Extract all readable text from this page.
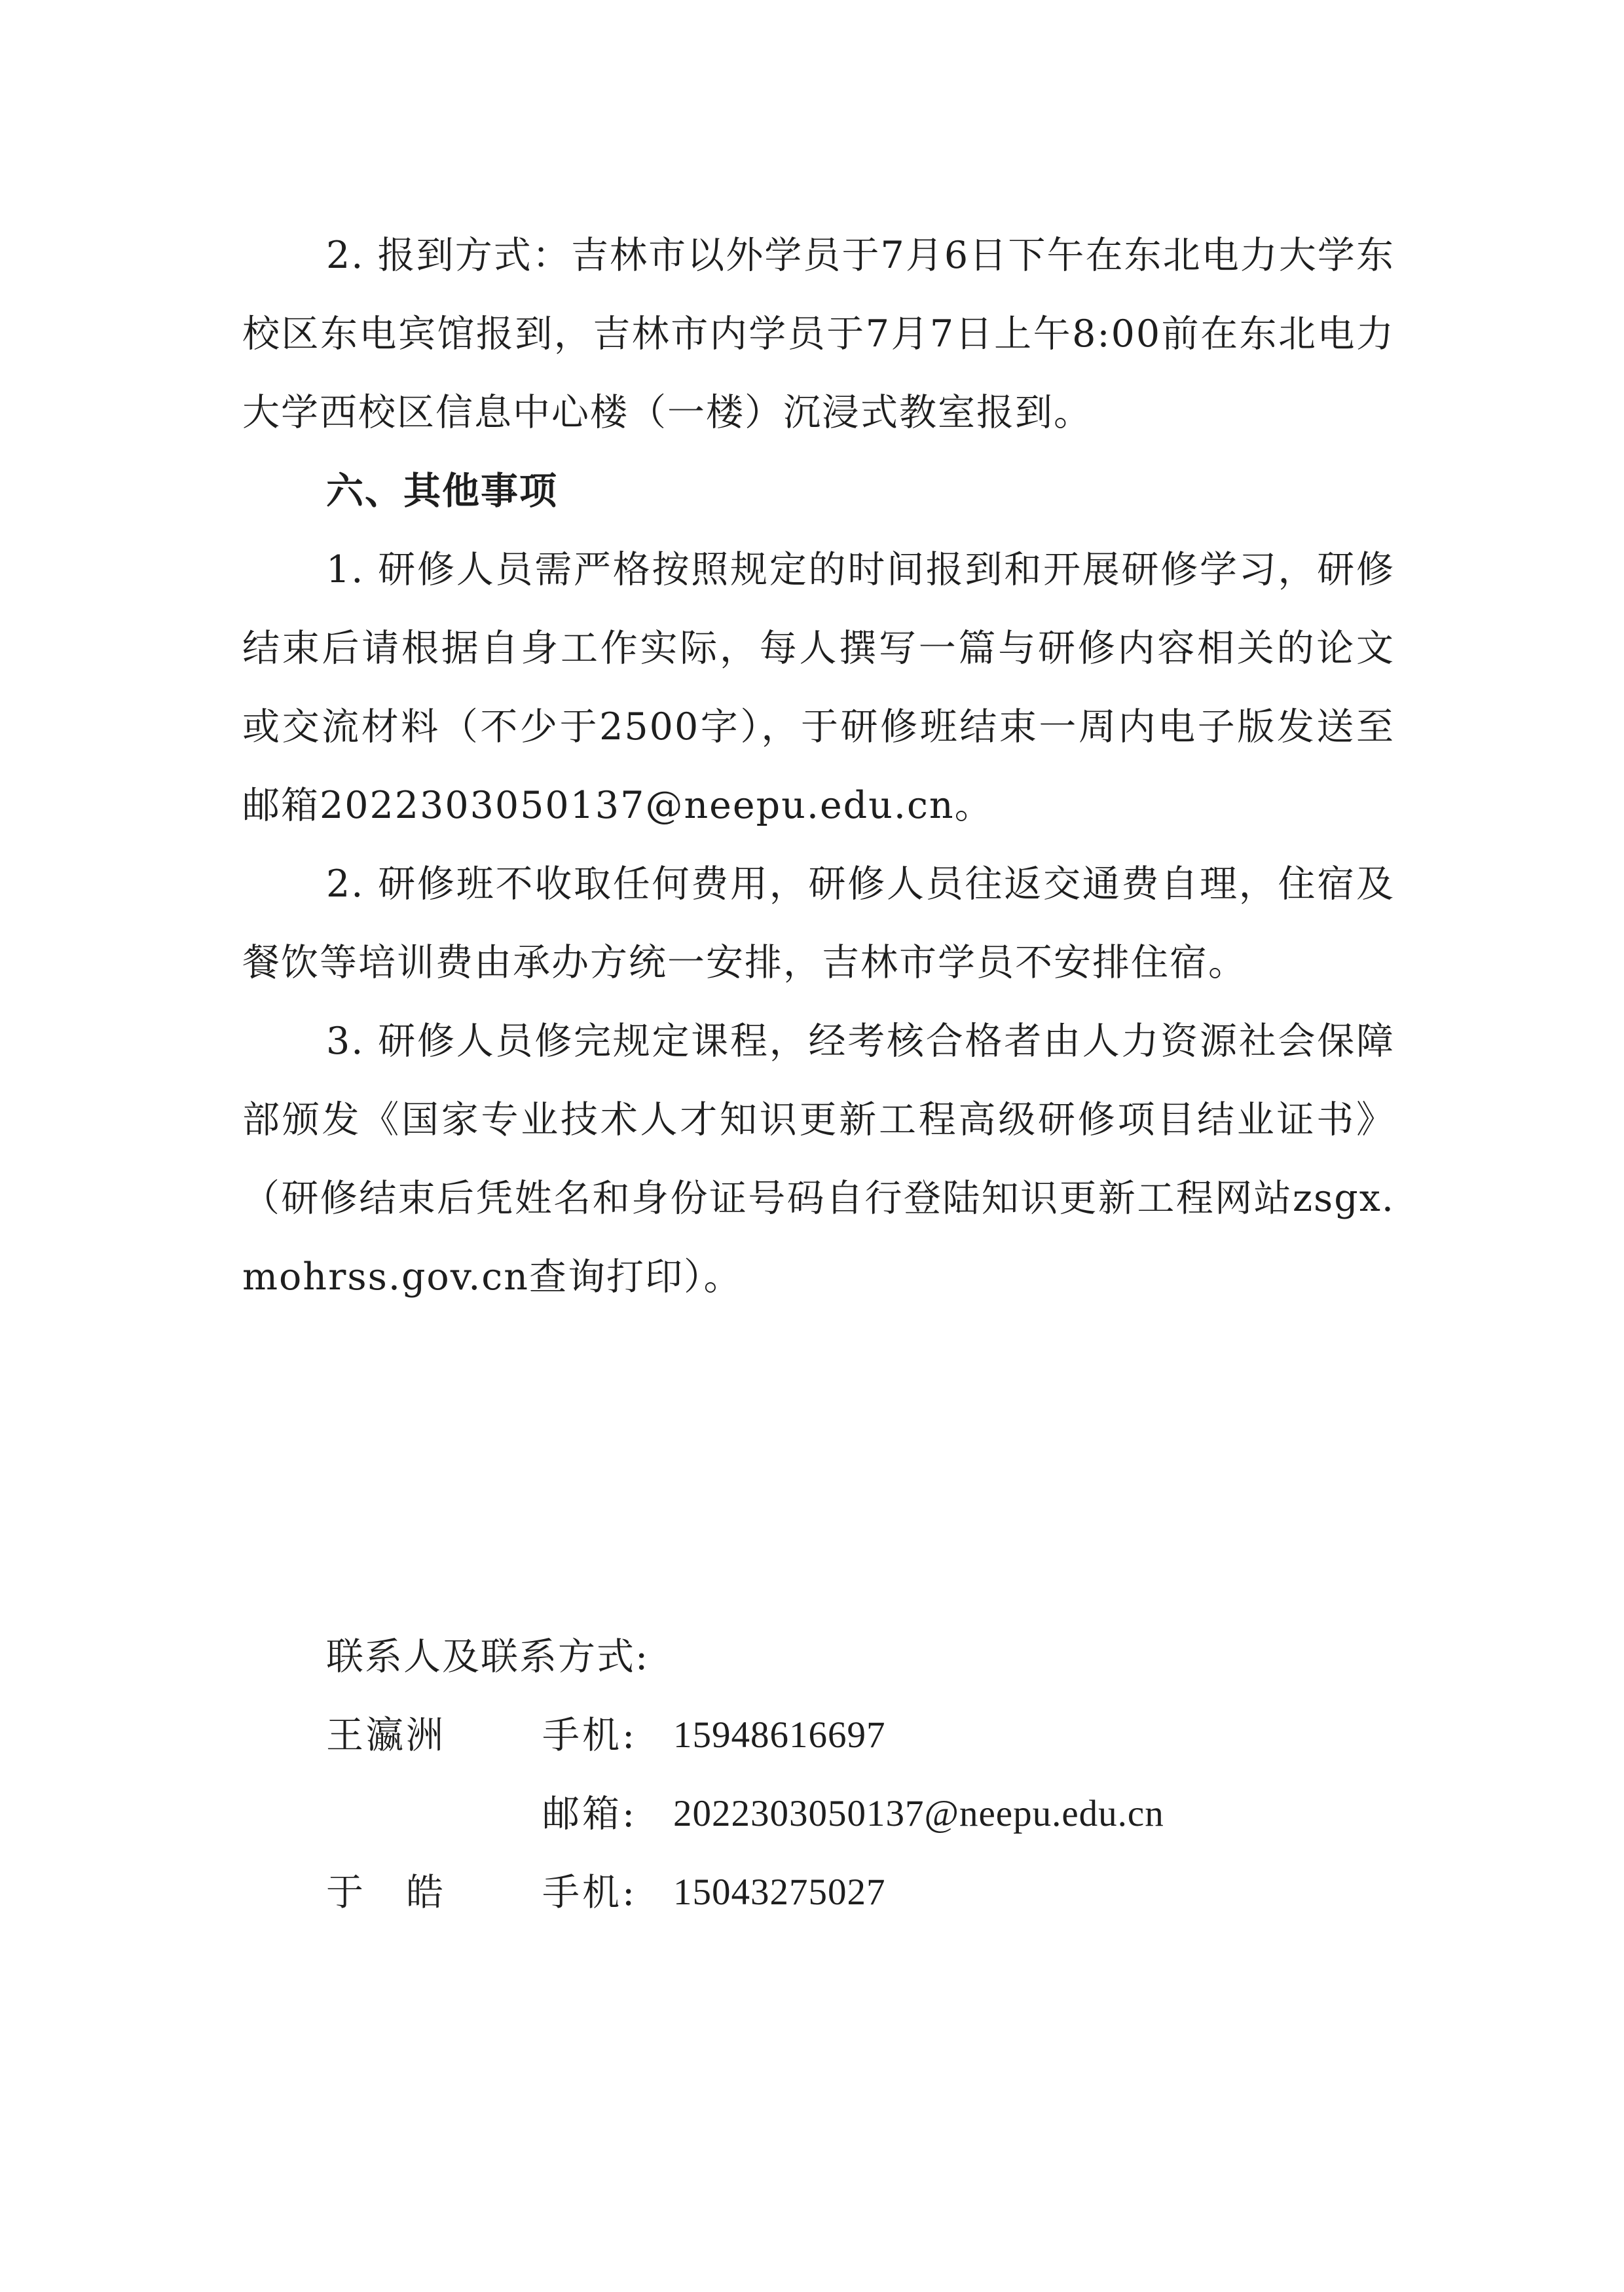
2. 报到方式：吉林市以外学员于7月6日下午在东北电力大学东校区东电宾馆报到，吉林市内学员于7月7日上午8:00前在东北电力大学西校区信息中心楼（一楼）沉浸式教室报到。

六、其他事项

1. 研修人员需严格按照规定的时间报到和开展研修学习，研修结束后请根据自身工作实际，每人撰写一篇与研修内容相关的论文或交流材料（不少于2500字），于研修班结束一周内电子版发送至邮箱2022303050137@neepu.edu.cn。

2. 研修班不收取任何费用，研修人员往返交通费自理，住宿及餐饮等培训费由承办方统一安排，吉林市学员不安排住宿。

3. 研修人员修完规定课程，经考核合格者由人力资源社会保障部颁发《国家专业技术人才知识更新工程高级研修项目结业证书》（研修结束后凭姓名和身份证号码自行登陆知识更新工程网站zsgx.mohrss.gov.cn查询打印）。

联系人及联系方式:
王瀛洲	手机: 15948616697
邮箱: 2022303050137@neepu.edu.cn
于　皓	手机: 15043275027
